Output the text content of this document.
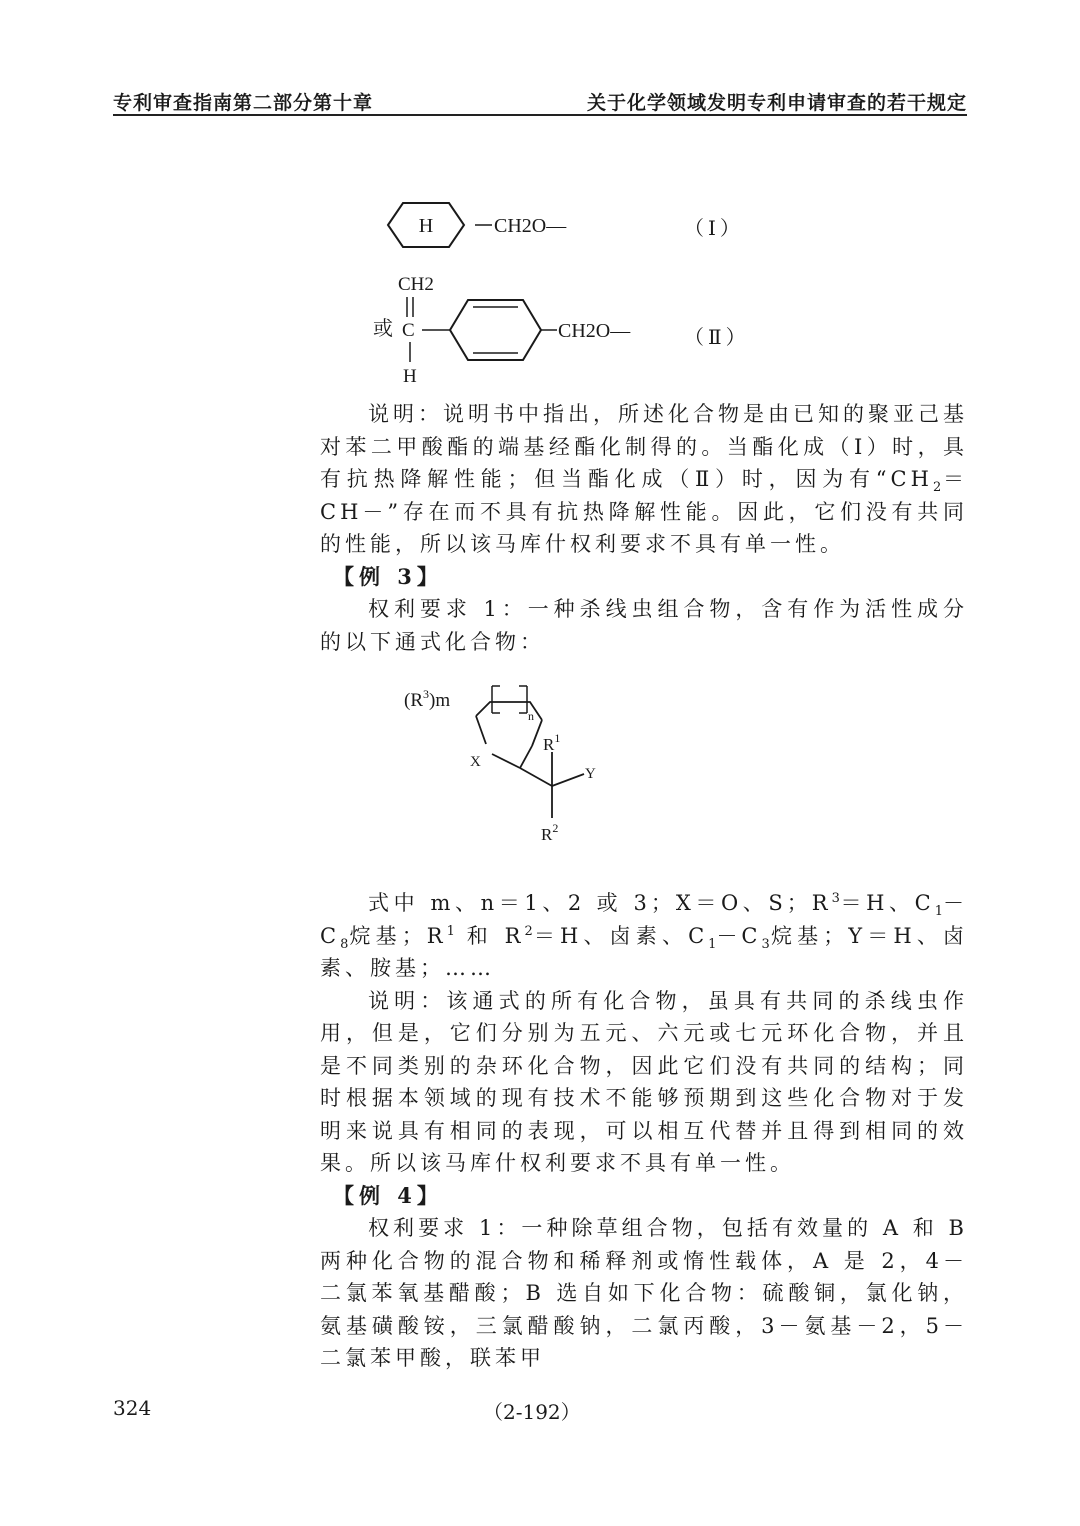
专利审查指南第二部分第十章	关于化学领域发明专利申请审查的若干规定
H	CH2O—	（Ⅰ）
或
CH2
C
H
CH2O—	（Ⅱ）

说明：说明书中指出，所述化合物是由已知的聚亚己基对苯二甲酸酯的端基经酯化制得的。当酯化成（Ⅰ）时，具有抗热降解性能；但当酯化成（Ⅱ）时，因为有“$CH_2=CH-$”存在而不具有抗热降解性能。因此，它们没有共同的性能，所以该马库什权利要求不具有单一性。

【例 3】

权利要求 1：一种杀线虫组合物，含有作为活性成分的以下通式化合物：

$(R^3)m$
n
X
$R^1$
Y
$R^2$

式中 m、n＝1、2 或 3；X＝O、S；$R^3=H$、$C_1-C_8$烷基；$R^1$ 和 $R^2=H$、卤素、$C_1-C_3$烷基；Y＝H、卤素、胺基；……

说明：该通式的所有化合物，虽具有共同的杀线虫作用，但是，它们分别为五元、六元或七元环化合物，并且是不同类别的杂环化合物，因此它们没有共同的结构；同时根据本领域的现有技术不能够预期到这些化合物对于发明来说具有相同的表现，可以相互代替并且得到相同的效果。所以该马库什权利要求不具有单一性。

【例 4】

权利要求 1：一种除草组合物，包括有效量的 A 和 B 两种化合物的混合物和稀释剂或惰性载体，A 是 2，4－二氯苯氧基醋酸；B 选自如下化合物：硫酸铜，氯化钠，氨基磺酸铵，三氯醋酸钠，二氯丙酸，3－氨基－2，5－二氯苯甲酸，联苯甲

324	（2-192）
